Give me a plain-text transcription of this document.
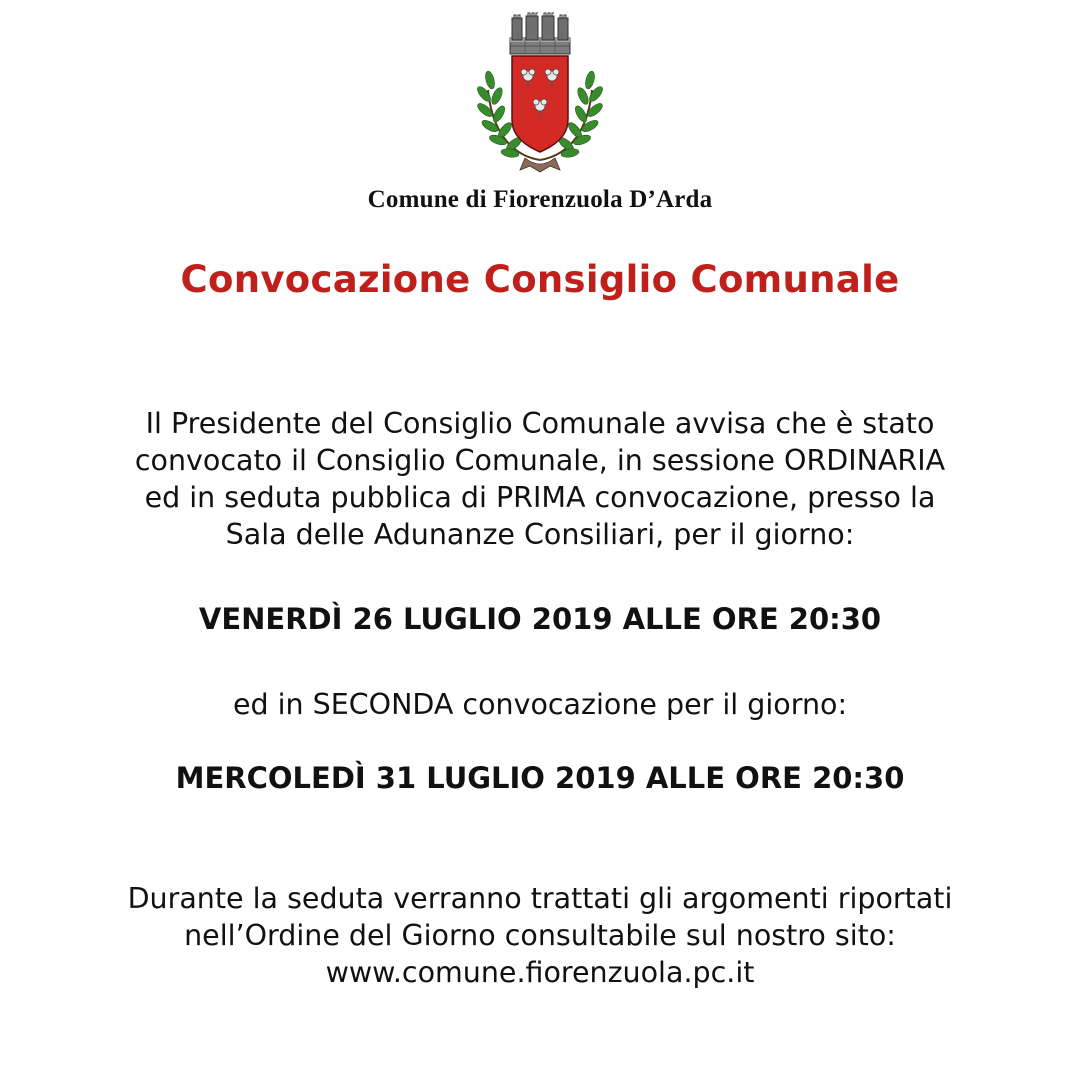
Comune di Fiorenzuola D’Arda
Convocazione Consiglio Comunale
Il Presidente del Consiglio Comunale avvisa che è stato
convocato il Consiglio Comunale, in sessione ORDINARIA
ed in seduta pubblica di PRIMA convocazione, presso la
Sala delle Adunanze Consiliari, per il giorno:
VENERDÌ 26 LUGLIO 2019 ALLE ORE 20:30
ed in SECONDA convocazione per il giorno:
MERCOLEDÌ 31 LUGLIO 2019 ALLE ORE 20:30
Durante la seduta verranno trattati gli argomenti riportati
nell’Ordine del Giorno consultabile sul nostro sito:
www.comune.fiorenzuola.pc.it
